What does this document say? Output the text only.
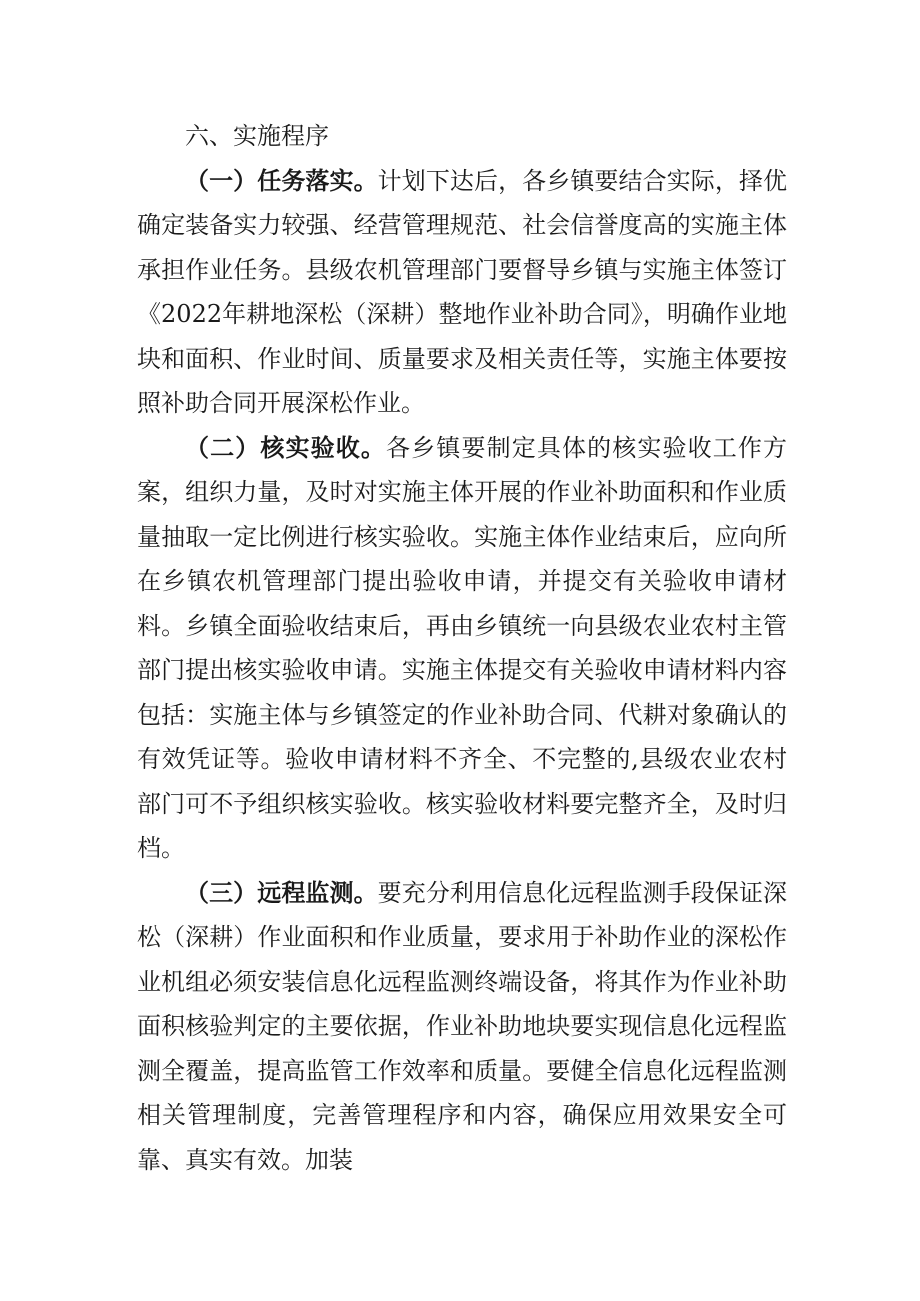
六、实施程序

（一）任务落实。计划下达后，各乡镇要结合实际，择优确定装备实力较强、经营管理规范、社会信誉度高的实施主体承担作业任务。县级农机管理部门要督导乡镇与实施主体签订《2022年耕地深松（深耕）整地作业补助合同》，明确作业地块和面积、作业时间、质量要求及相关责任等，实施主体要按照补助合同开展深松作业。

（二）核实验收。各乡镇要制定具体的核实验收工作方案，组织力量，及时对实施主体开展的作业补助面积和作业质量抽取一定比例进行核实验收。实施主体作业结束后，应向所在乡镇农机管理部门提出验收申请，并提交有关验收申请材料。乡镇全面验收结束后，再由乡镇统一向县级农业农村主管部门提出核实验收申请。实施主体提交有关验收申请材料内容包括：实施主体与乡镇签定的作业补助合同、代耕对象确认的有效凭证等。验收申请材料不齐全、不完整的,县级农业农村部门可不予组织核实验收。核实验收材料要完整齐全，及时归档。

（三）远程监测。要充分利用信息化远程监测手段保证深松（深耕）作业面积和作业质量，要求用于补助作业的深松作业机组必须安装信息化远程监测终端设备，将其作为作业补助面积核验判定的主要依据，作业补助地块要实现信息化远程监测全覆盖，提高监管工作效率和质量。要健全信息化远程监测相关管理制度，完善管理程序和内容，确保应用效果安全可靠、真实有效。加装
